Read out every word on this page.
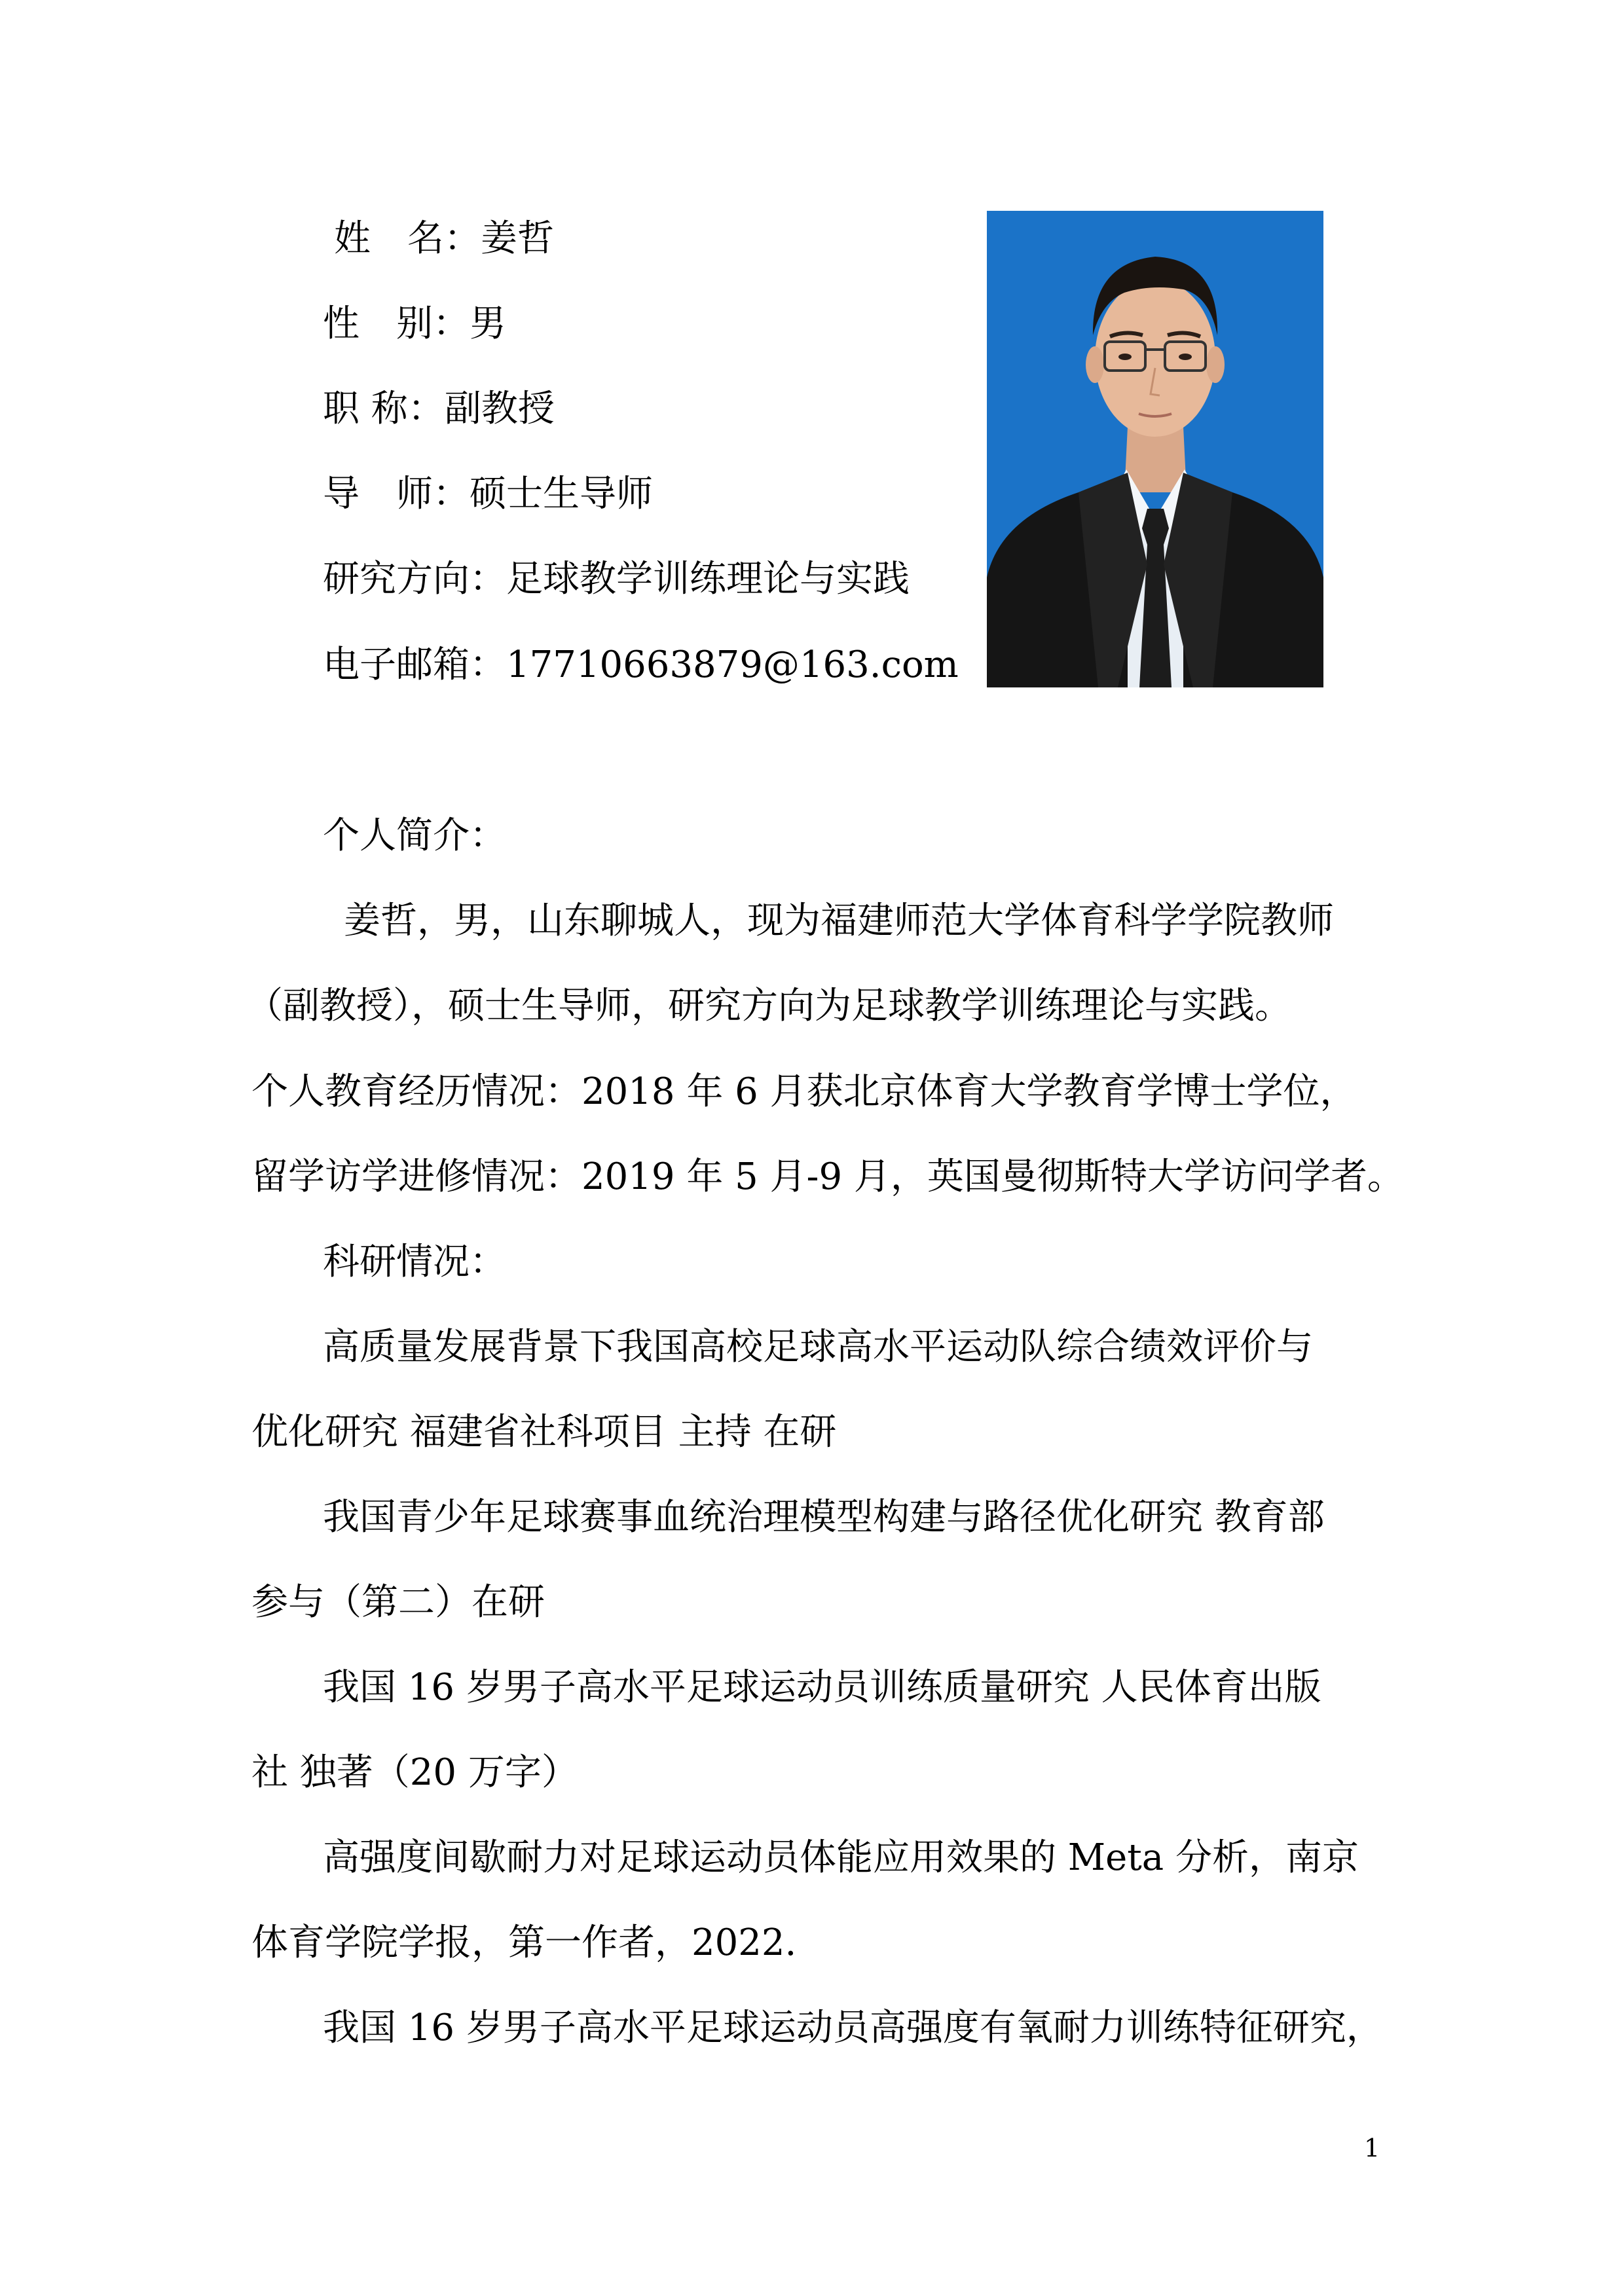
姓　名：姜哲
性　别：男
职 称：副教授
导　师：硕士生导师
研究方向：足球教学训练理论与实践
电子邮箱：17710663879@163.com
个人简介：
姜哲，男，山东聊城人，现为福建师范大学体育科学学院教师
（副教授），硕士生导师，研究方向为足球教学训练理论与实践。
个人教育经历情况：2018 年 6 月获北京体育大学教育学博士学位，
留学访学进修情况：2019 年 5 月-9 月，英国曼彻斯特大学访问学者。
科研情况：
高质量发展背景下我国高校足球高水平运动队综合绩效评价与
优化研究 福建省社科项目 主持 在研
我国青少年足球赛事血统治理模型构建与路径优化研究 教育部
参与（第二）在研
我国 16 岁男子高水平足球运动员训练质量研究 人民体育出版
社 独著（20 万字）
高强度间歇耐力对足球运动员体能应用效果的 Meta 分析，南京
体育学院学报，第一作者，2022.
我国 16 岁男子高水平足球运动员高强度有氧耐力训练特征研究，
1
